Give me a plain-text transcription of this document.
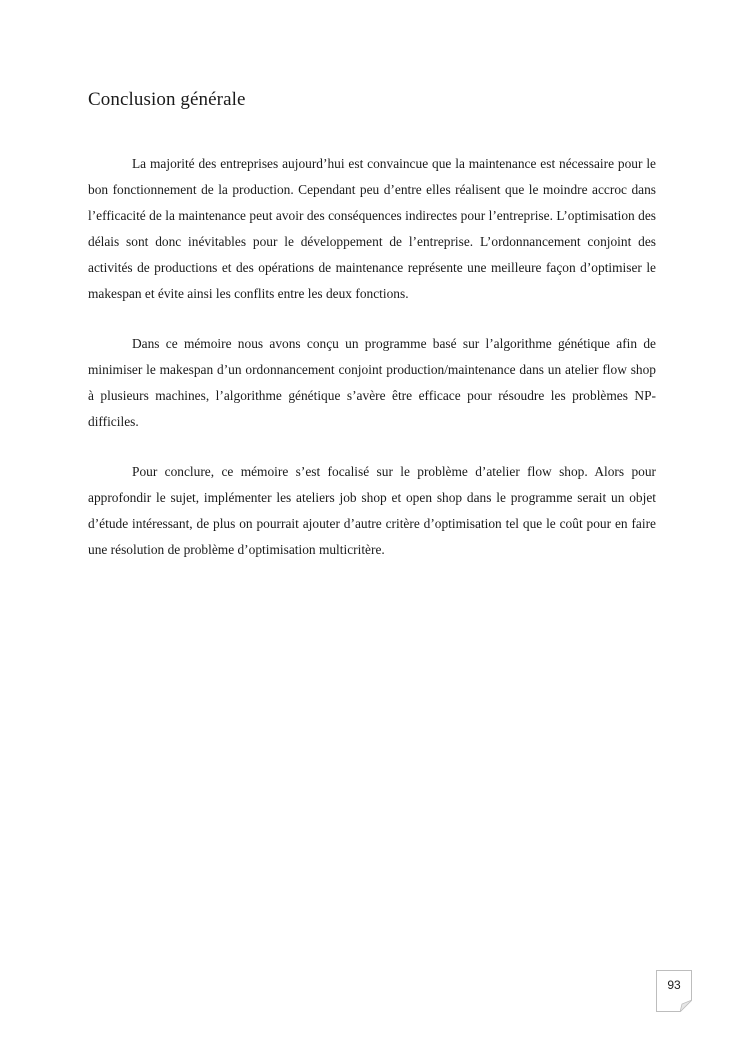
Conclusion générale

La majorité des entreprises aujourd’hui est convaincue que la maintenance est nécessaire pour le bon fonctionnement de la production. Cependant peu d’entre elles réalisent que le moindre accroc dans l’efficacité de la maintenance peut avoir des conséquences indirectes pour l’entreprise. L’optimisation des délais sont donc inévitables pour le développement de l’entreprise. L’ordonnancement conjoint des activités de productions et des opérations de maintenance représente une meilleure façon d’optimiser le makespan et évite ainsi les conflits entre les deux fonctions.

Dans ce mémoire nous avons conçu un programme basé sur l’algorithme génétique afin de minimiser le makespan d’un ordonnancement conjoint production/maintenance dans un atelier flow shop à plusieurs machines, l’algorithme génétique s’avère être efficace pour résoudre les problèmes NP-difficiles.

Pour conclure, ce mémoire s’est focalisé sur le problème d’atelier flow shop. Alors pour approfondir le sujet, implémenter les ateliers job shop et open shop dans le programme serait un objet d’étude intéressant, de plus on pourrait ajouter d’autre critère d’optimisation tel que le coût pour en faire une résolution de problème d’optimisation multicritère.

93
